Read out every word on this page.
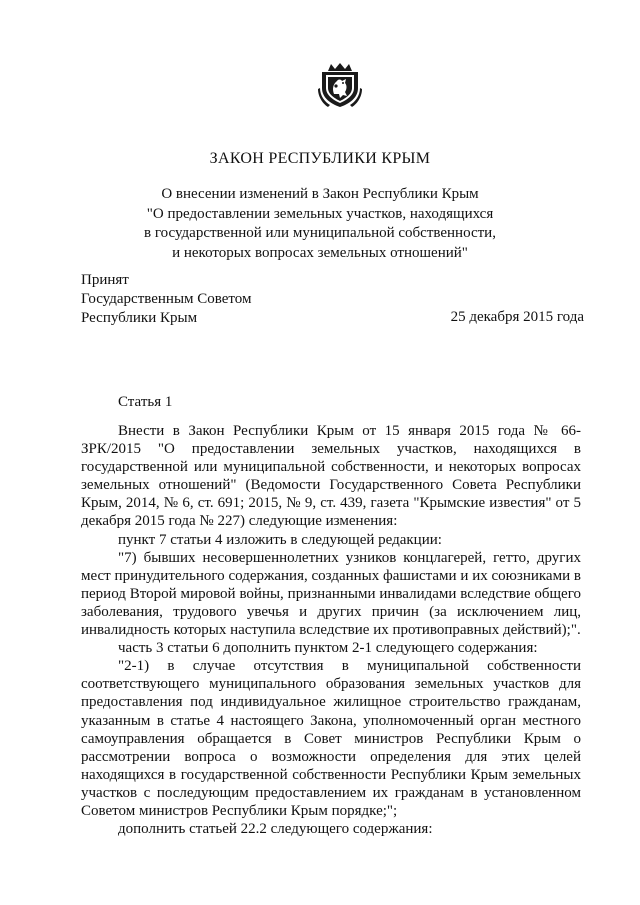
ЗАКОН РЕСПУБЛИКИ КРЫМ
О внесении изменений в Закон Республики Крым
"О предоставлении земельных участков, находящихся
в государственной или муниципальной собственности,
и некоторых вопросах земельных отношений"
Принят
Государственным Советом
Республики Крым	25 декабря 2015 года
Статья 1

Внести в Закон Республики Крым от 15 января 2015 года № 66-ЗРК/2015 "О предоставлении земельных участков, находящихся в государственной или муниципальной собственности, и некоторых вопросах земельных отношений" (Ведомости Государственного Совета Республики Крым, 2014, № 6, ст. 691; 2015, № 9, ст. 439, газета "Крымские известия" от 5 декабря 2015 года № 227) следующие изменения:

пункт 7 статьи 4 изложить в следующей редакции:

"7) бывших несовершеннолетних узников концлагерей, гетто, других мест принудительного содержания, созданных фашистами и их союзниками в период Второй мировой войны, признанными инвалидами вследствие общего заболевания, трудового увечья и других причин (за исключением лиц, инвалидность которых наступила вследствие их противоправных действий);".

часть 3 статьи 6 дополнить пунктом 2-1 следующего содержания:

"2-1) в случае отсутствия в муниципальной собственности соответствующего муниципального образования земельных участков для предоставления под индивидуальное жилищное строительство гражданам, указанным в статье 4 настоящего Закона, уполномоченный орган местного самоуправления обращается в Совет министров Республики Крым о рассмотрении вопроса о возможности определения для этих целей находящихся в государственной собственности Республики Крым земельных участков с последующим предоставлением их гражданам в установленном Советом министров Республики Крым порядке;";

дополнить статьей 22.2 следующего содержания:
